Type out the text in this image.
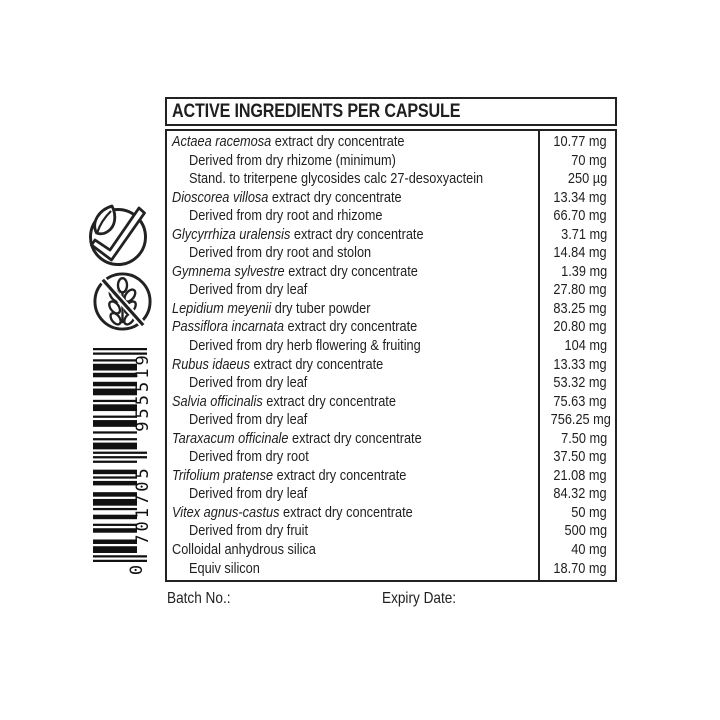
955519
701705
0
ACTIVE INGREDIENTS PER CAPSULE
Actaea racemosa extract dry concentrate	10.77 mg
Derived from dry rhizome (minimum)	70 mg
Stand. to triterpene glycosides calc 27-desoxyactein	250 µg
Dioscorea villosa extract dry concentrate	13.34 mg
Derived from dry root and rhizome	66.70 mg
Glycyrrhiza uralensis extract dry concentrate	3.71 mg
Derived from dry root and stolon	14.84 mg
Gymnema sylvestre extract dry concentrate	1.39 mg
Derived from dry leaf	27.80 mg
Lepidium meyenii dry tuber powder	83.25 mg
Passiflora incarnata extract dry concentrate	20.80 mg
Derived from dry herb flowering & fruiting	104 mg
Rubus idaeus extract dry concentrate	13.33 mg
Derived from dry leaf	53.32 mg
Salvia officinalis extract dry concentrate	75.63 mg
Derived from dry leaf	756.25 mg
Taraxacum officinale extract dry concentrate	7.50 mg
Derived from dry root	37.50 mg
Trifolium pratense extract dry concentrate	21.08 mg
Derived from dry leaf	84.32 mg
Vitex agnus-castus extract dry concentrate	50 mg
Derived from dry fruit	500 mg
Colloidal anhydrous silica	40 mg
Equiv silicon	18.70 mg
Batch No.:	Expiry Date:
